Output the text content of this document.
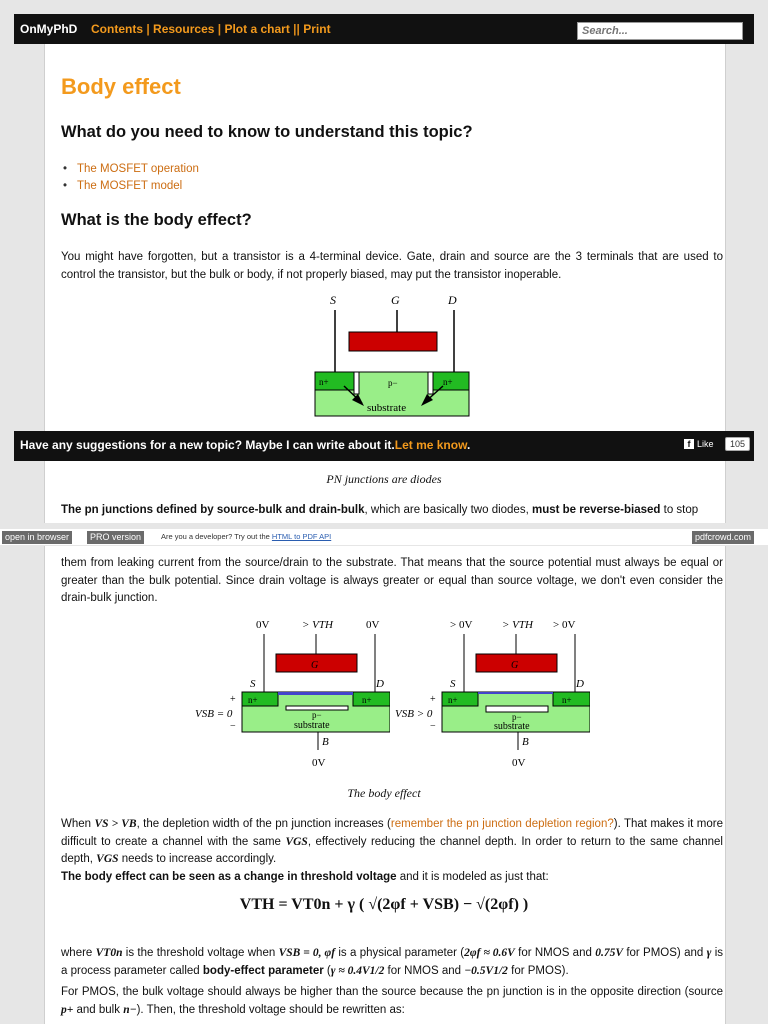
OnMyPhD Contents | Resources | Plot a chart || Print
Search...
Body effect
What do you need to know to understand this topic?
• The MOSFET operation
• The MOSFET model
What is the body effect?
You might have forgotten, but a transistor is a 4-terminal device. Gate, drain and source are the 3 terminals that are used to control the transistor, but the bulk or body, if not properly biased, may put the transistor inoperable.
S	G	D
n+	p−	n+
substrate
Have any suggestions for a new topic? Maybe I can write about it.Let me know.	f Like	105
PN junctions are diodes
The pn junctions defined by source-bulk and drain-bulk, which are basically two diodes, must be reverse-biased to stop
open in browser	PRO version	Are you a developer? Try out the HTML to PDF API	pdfcrowd.com
them from leaking current from the source/drain to the substrate. That means that the source potential must always be equal or greater than the bulk potential. Since drain voltage is always greater or equal than source voltage, we don't even consider the drain-bulk junction.
0V	> VTH	0V
G
S	D
n+	n+
p−
substrate
+
VSB = 0
−
B
0V
> 0V	> VTH > 0V
G
S	D
n+	n+
p−
substrate
+
VSB > 0
−
B
0V
The body effect
When VS > VB, the depletion width of the pn junction increases (remember the pn junction depletion region?). That makes it more difficult to create a channel with the same VGS, effectively reducing the channel depth. In order to return to the same channel depth, VGS needs to increase accordingly.
The body effect can be seen as a change in threshold voltage and it is modeled as just that:
VTH = VT0n + γ ( √(2φf + VSB) − √(2φf) )
where VT0n is the threshold voltage when VSB = 0, φf is a physical parameter (2φf ≈ 0.6V for NMOS and 0.75V for PMOS) and γ is a process parameter called body-effect parameter (γ ≈ 0.4V1/2 for NMOS and −0.5V1/2 for PMOS).
For PMOS, the bulk voltage should always be higher than the source because the pn junction is in the opposite direction (source p+ and bulk n−). Then, the threshold voltage should be rewritten as:
